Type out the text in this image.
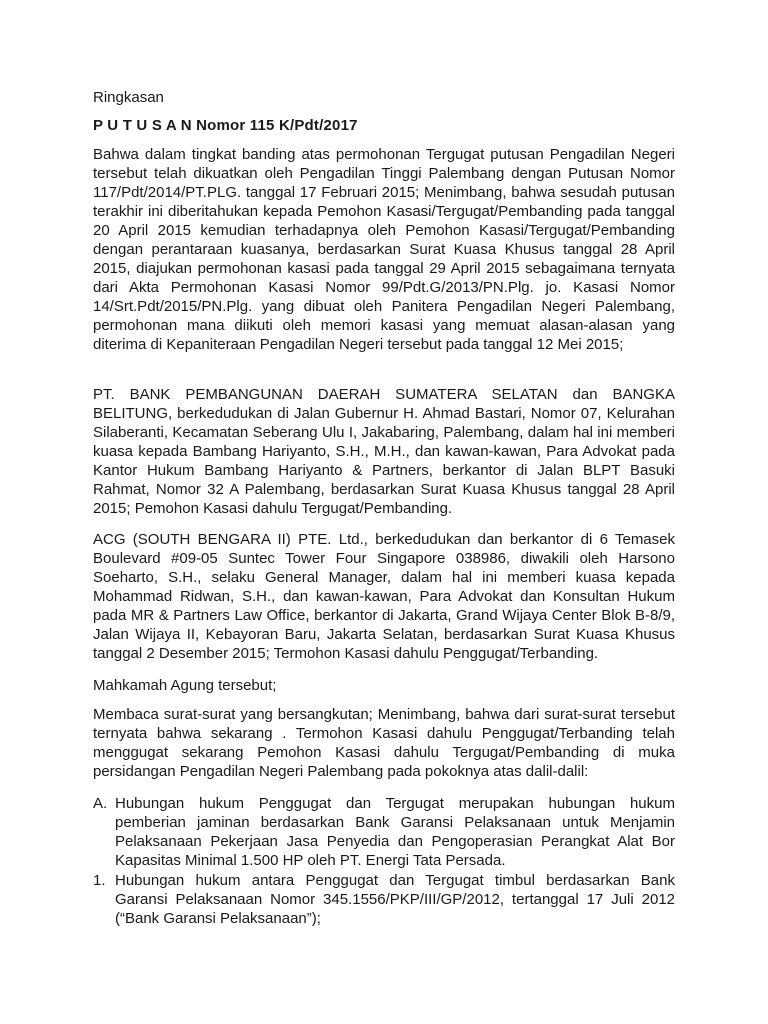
Ringkasan

P U T U S A N Nomor 115 K/Pdt/2017

Bahwa dalam tingkat banding atas permohonan Tergugat putusan Pengadilan Negeri tersebut telah dikuatkan oleh Pengadilan Tinggi Palembang dengan Putusan Nomor 117/Pdt/2014/PT.PLG. tanggal 17 Februari 2015; Menimbang, bahwa sesudah putusan terakhir ini diberitahukan kepada Pemohon Kasasi/Tergugat/Pembanding pada tanggal 20 April 2015 kemudian terhadapnya oleh Pemohon Kasasi/Tergugat/Pembanding dengan perantaraan kuasanya, berdasarkan Surat Kuasa Khusus tanggal 28 April 2015, diajukan permohonan kasasi pada tanggal 29 April 2015 sebagaimana ternyata dari Akta Permohonan Kasasi Nomor 99/Pdt.G/2013/PN.Plg. jo. Kasasi Nomor 14/Srt.Pdt/2015/PN.Plg. yang dibuat oleh Panitera Pengadilan Negeri Palembang, permohonan mana diikuti oleh memori kasasi yang memuat alasan-alasan yang diterima di Kepaniteraan Pengadilan Negeri tersebut pada tanggal 12 Mei 2015;

PT. BANK PEMBANGUNAN DAERAH SUMATERA SELATAN dan BANGKA BELITUNG, berkedudukan di Jalan Gubernur H. Ahmad Bastari, Nomor 07, Kelurahan Silaberanti, Kecamatan Seberang Ulu I, Jakabaring, Palembang, dalam hal ini memberi kuasa kepada Bambang Hariyanto, S.H., M.H., dan kawan-kawan, Para Advokat pada Kantor Hukum Bambang Hariyanto & Partners, berkantor di Jalan BLPT Basuki Rahmat, Nomor 32 A Palembang, berdasarkan Surat Kuasa Khusus tanggal 28 April 2015; Pemohon Kasasi dahulu Tergugat/Pembanding.

ACG (SOUTH BENGARA II) PTE. Ltd., berkedudukan dan berkantor di 6 Temasek Boulevard #09-05 Suntec Tower Four Singapore 038986, diwakili oleh Harsono Soeharto, S.H., selaku General Manager, dalam hal ini memberi kuasa kepada Mohammad Ridwan, S.H., dan kawan-kawan, Para Advokat dan Konsultan Hukum pada MR & Partners Law Office, berkantor di Jakarta, Grand Wijaya Center Blok B-8/9, Jalan Wijaya II, Kebayoran Baru, Jakarta Selatan, berdasarkan Surat Kuasa Khusus tanggal 2 Desember 2015; Termohon Kasasi dahulu Penggugat/Terbanding.

Mahkamah Agung tersebut;

Membaca surat-surat yang bersangkutan; Menimbang, bahwa dari surat-surat tersebut ternyata bahwa sekarang . Termohon Kasasi dahulu Penggugat/Terbanding telah menggugat sekarang Pemohon Kasasi dahulu Tergugat/Pembanding di muka persidangan Pengadilan Negeri Palembang pada pokoknya atas dalil-dalil:

A. Hubungan hukum Penggugat dan Tergugat merupakan hubungan hukum pemberian jaminan berdasarkan Bank Garansi Pelaksanaan untuk Menjamin Pelaksanaan Pekerjaan Jasa Penyedia dan Pengoperasian Perangkat Alat Bor Kapasitas Minimal 1.500 HP oleh PT. Energi Tata Persada.
1. Hubungan hukum antara Penggugat dan Tergugat timbul berdasarkan Bank Garansi Pelaksanaan Nomor 345.1556/PKP/III/GP/2012, tertanggal 17 Juli 2012 (“Bank Garansi Pelaksanaan”);
